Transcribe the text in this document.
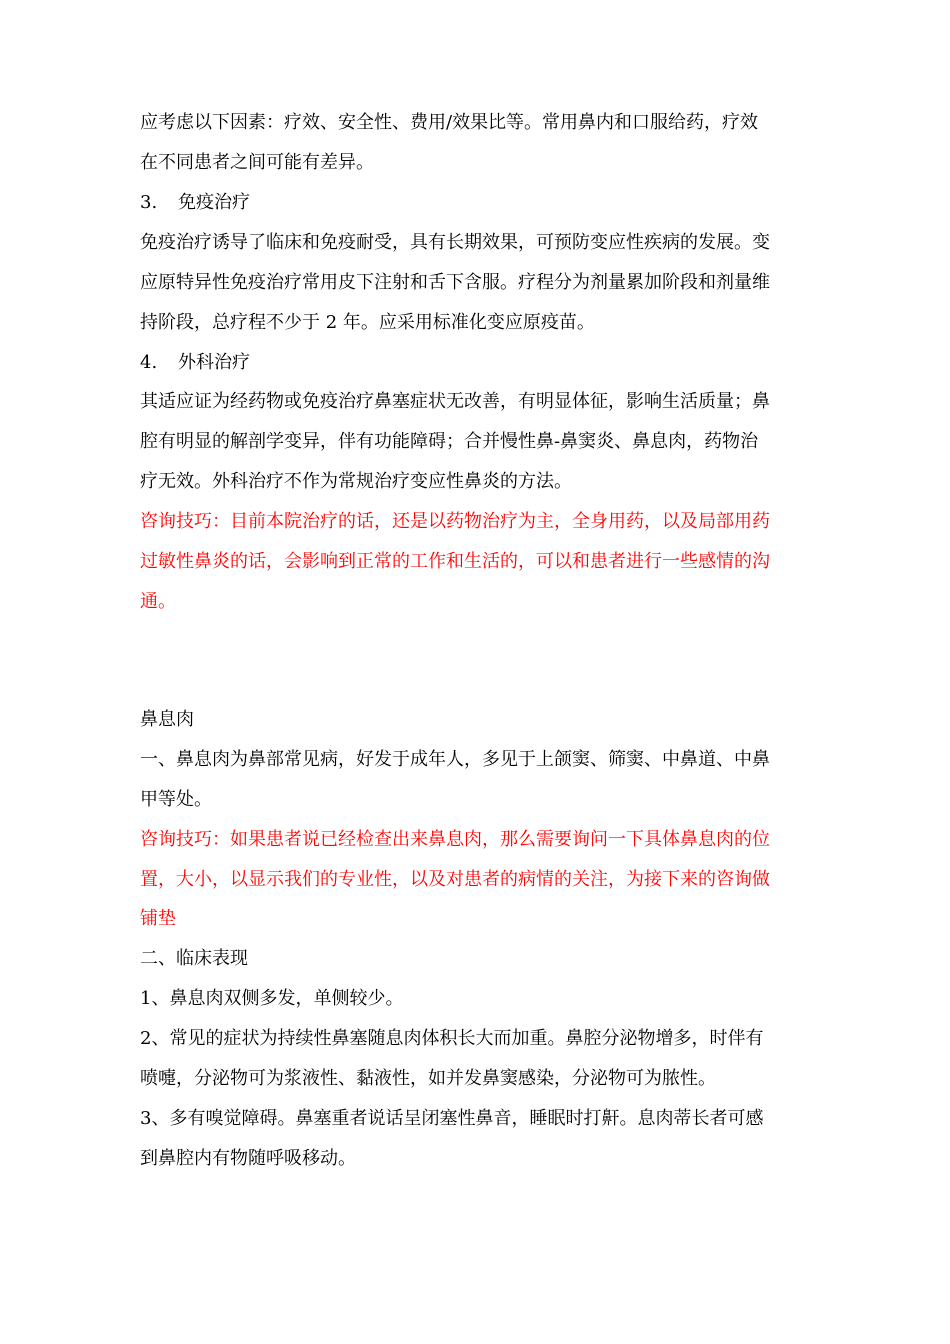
应考虑以下因素：疗效、安全性、费用/效果比等。常用鼻内和口服给药，疗效
在不同患者之间可能有差异。
3. 免疫治疗
免疫治疗诱导了临床和免疫耐受，具有长期效果，可预防变应性疾病的发展。变
应原特异性免疫治疗常用皮下注射和舌下含服。疗程分为剂量累加阶段和剂量维
持阶段，总疗程不少于 2 年。应采用标准化变应原疫苗。
4. 外科治疗
其适应证为经药物或免疫治疗鼻塞症状无改善，有明显体征，影响生活质量；鼻
腔有明显的解剖学变异，伴有功能障碍；合并慢性鼻-鼻窦炎、鼻息肉，药物治
疗无效。外科治疗不作为常规治疗变应性鼻炎的方法。
咨询技巧：目前本院治疗的话，还是以药物治疗为主，全身用药，以及局部用药
过敏性鼻炎的话，会影响到正常的工作和生活的，可以和患者进行一些感情的沟
通。
鼻息肉
一、鼻息肉为鼻部常见病，好发于成年人，多见于上颌窦、筛窦、中鼻道、中鼻
甲等处。
咨询技巧：如果患者说已经检查出来鼻息肉，那么需要询问一下具体鼻息肉的位
置，大小，以显示我们的专业性，以及对患者的病情的关注，为接下来的咨询做
铺垫
二、临床表现
1、鼻息肉双侧多发，单侧较少。
2、常见的症状为持续性鼻塞随息肉体积长大而加重。鼻腔分泌物增多，时伴有
喷嚏，分泌物可为浆液性、黏液性，如并发鼻窦感染，分泌物可为脓性。
3、多有嗅觉障碍。鼻塞重者说话呈闭塞性鼻音，睡眠时打鼾。息肉蒂长者可感
到鼻腔内有物随呼吸移动。
